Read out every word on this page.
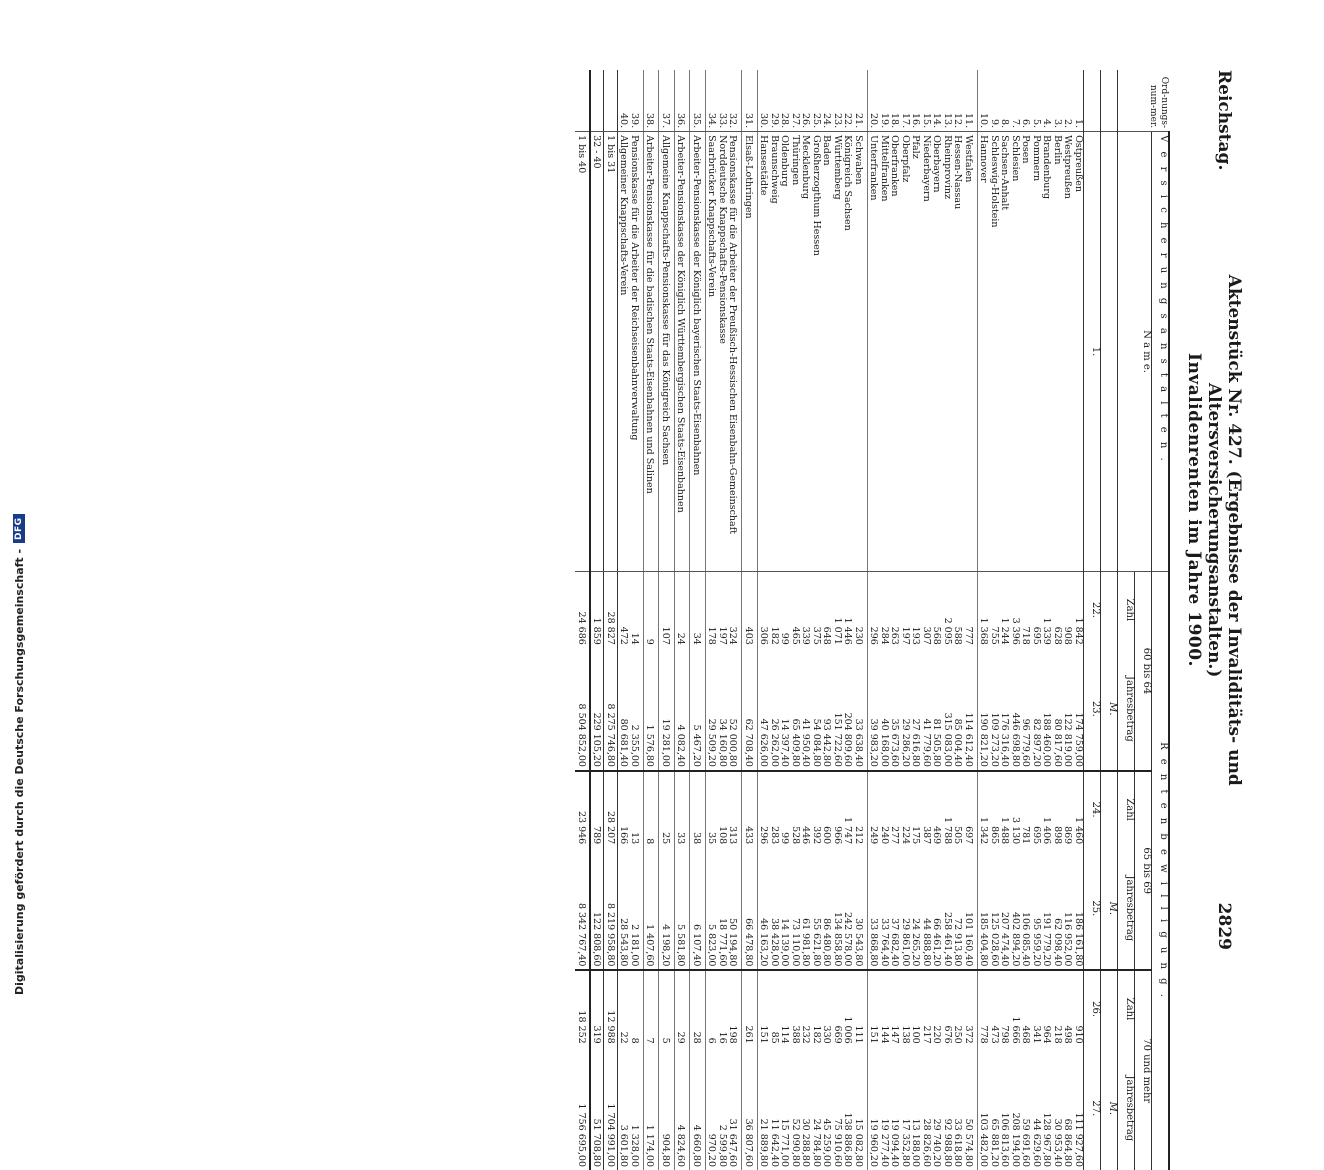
Reichstag.
Aktenstück Nr. 427. (Ergebnisse der Invaliditäts- und Altersversicherungsanstalten.)
2829
Invalidenrenten im Jahre 1900.
Ord-nungs-num-mer.	V e r s i c h e r u n g s a n s t a l t e n .	R e n t e n b e w i l l i g u n g .					
	N a m e.	60 bis 64		65 bis 69		70 und mehr	
		Zahl	Jahresbetrag	Zahl	Jahresbetrag	Zahl	Jahresbetrag
			M.		M.		M.
	1.	22.	23.	24.	25.	26.	27.
1.	Ostpreußen	1 842	174 759,00	1 460	186 161,80	910	111 927,60
2.	Westpreußen	908	122 819,00	869	116 952,00	498	68 864,80
3.	Berlin	628	80 817,60	898	62 098,40	218	30 953,40
4.	Brandenburg	1 339	188 460,00	1 406	191 779,20	964	128 967,80
5.	Pommern	695	82 897,20	695	95 959,20	341	44 629,60
6.	Posen	718	96 779,60	781	106 085,40	468	59 691,60
7.	Schlesien	3 396	446 698,80	3 130	402 894,20	1 666	208 194,00
8.	Sachsen-Anhalt	1 244	176 316,40	1 488	207 474,40	798	106 813,60
9.	Schleswig-Holstein	755	109 273,20	865	125 028,60	473	65 881,20
10.	Hannover	1 368	190 821,20	1 342	185 404,80	778	103 482,00
11.	Westfalen	777	114 612,40	697	101 160,40	372	50 574,80
12.	Hessen-Nassau	588	85 004,40	505	72 913,80	250	33 618,80
13.	Rheinprovinz	2 095	315 083,00	1 788	258 461,40	676	92 988,80
14.	Oberbayern	568	81 505,80	469	66 461,20	220	29 740,20
15.	Niederbayern	307	41 779,60	387	44 888,80	217	28 826,60
16.	Pfalz	193	27 616,80	175	24 265,20	100	13 188,00
17.	Oberpfalz	197	29 286,20	224	29 861,00	138	17 352,80
18.	Oberfranken	263	35 673,60	277	37 682,40	147	19 094,40
19.	Mittelfranken	284	40 168,00	240	33 764,40	144	19 277,40
20.	Unterfranken	296	39 983,20	249	33 868,80	151	19 960,20
21.	Schwaben	230	33 638,40	212	30 543,80	111	15 082,80
22.	Königreich Sachsen	1 446	204 809,60	1 747	242 578,00	1 006	138 886,80
23.	Württemberg	1 071	151 722,60	966	134 858,80	669	75 910,60
24.	Baden	648	93 442,80	600	86 480,80	330	45 259,00
25.	Großherzogthum Hessen	375	54 084,80	392	55 621,80	182	24 784,80
26.	Mecklenburg	339	41 950,40	446	61 981,80	232	30 288,80
27.	Thüringen	465	65 409,80	528	73 110,00	388	52 090,80
28.	Oldenburg	99	14 397,40	99	14 139,00	114	15 771,00
29.	Braunschweig	182	26 262,00	283	38 428,00	85	11 642,40
30.	Hansestädte	306	47 626,00	296	46 163,20	151	21 889,80
31.	Elsaß-Lothringen	403	62 708,40	433	66 478,80	261	36 807,60
32.	Pensionskasse für die Arbeiter der Preußisch-Hessischen Eisenbahn-Gemeinschaft	324	52 000,80	313	50 194,80	198	31 647,60
33.	Norddeutsche Knappschafts-Pensionskasse	197	34 160,80	108	18 771,60	16	2 599,80
34.	Saarbrücker Knappschafts-Verein	178	29 509,20	35	5 823,00	6	970,20
35.	Arbeiter-Pensionskasse der Königlich bayerischen Staats-Eisenbahnen	34	5 467,20	38	6 107,40	28	4 660,80
36.	Arbeiter-Pensionskasse der Königlich Württembergischen Staats-Eisenbahnen	24	4 082,40	33	5 581,80	29	4 824,60
37.	Allgemeine Knappschafts-Pensionskasse für das Königreich Sachsen	107	19 281,00	25	4 198,20	5	904,80
38.	Arbeiter-Pensionskasse für die badischen Staats-Eisenbahnen und Salinen	9	1 576,80	8	1 407,60	7	1 174,00
39.	Pensionskasse für die Arbeiter der Reichseisenbahnverwaltung	14	2 355,00	13	2 181,00	8	1 328,00
40.	Allgemeiner Knappschafts-Verein	472	80 681,40	166	28 543,80	22	3 601,80
	1 bis 31	28 827	8 275 746,80	28 207	8 219 958,80	12 988	1 704 991,00
	32 - 40	1 859	229 105,20	789	122 808,60	319	51 708,80
	1 bis 40	24 686	8 504 852,00	23 946	8 342 767,40	18 252	1 756 695,00
Digitalisierung gefördert durch die Deutsche Forschungsgemeinschaft -
DFG
